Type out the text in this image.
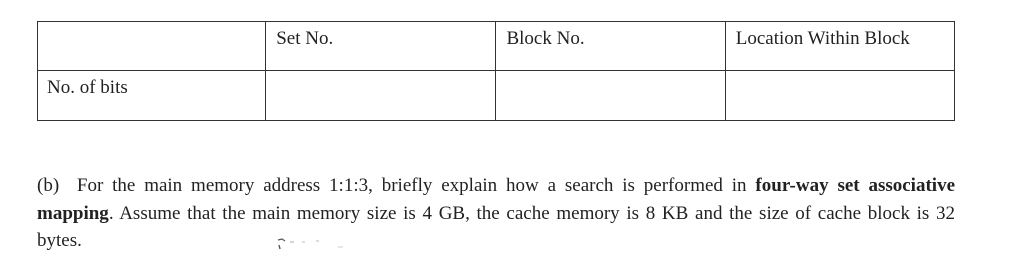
	Set No.	Block No.	Location Within Block
No. of bits			

(b) For the main memory address 1:1:3, briefly explain how a search is performed in four-way set associative mapping. Assume that the main memory size is 4 GB, the cache memory is 8 KB and the size of cache block is 32 bytes.
